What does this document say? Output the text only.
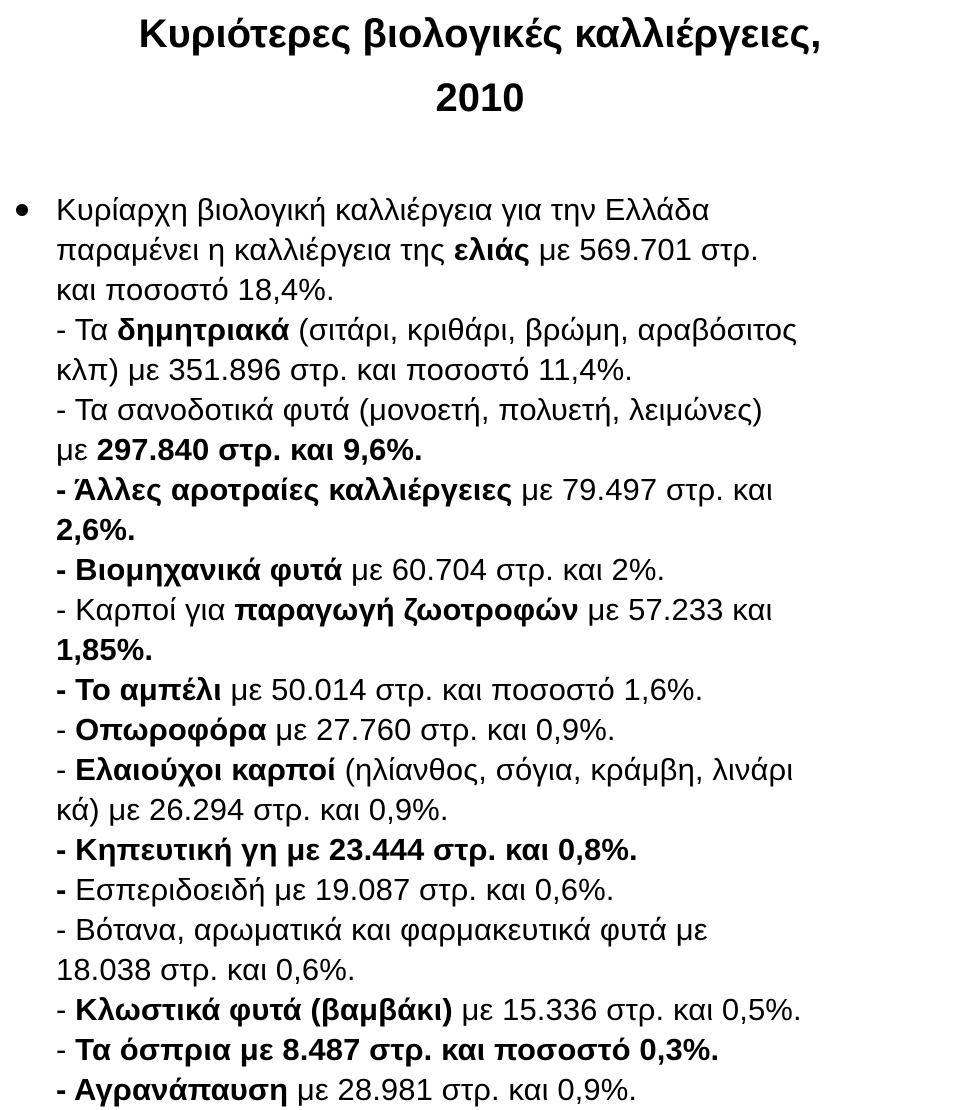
Κυριότερες βιολογικές καλλιέργειες,
2010
Κυρίαρχη βιολογική καλλιέργεια για την Ελλάδα
παραμένει η καλλιέργεια της ελιάς με 569.701 στρ.
και ποσοστό 18,4%.
- Τα δημητριακά (σιτάρι, κριθάρι, βρώμη, αραβόσιτος
κλπ) με 351.896 στρ. και ποσοστό 11,4%.
- Τα σανοδοτικά φυτά (μονοετή, πολυετή, λειμώνες)
με 297.840 στρ. και 9,6%.
- Άλλες αροτραίες καλλιέργειες με 79.497 στρ. και
2,6%.
- Βιομηχανικά φυτά με 60.704 στρ. και 2%.
- Καρποί για παραγωγή ζωοτροφών με 57.233 και
1,85%.
- Το αμπέλι με 50.014 στρ. και ποσοστό 1,6%.
- Οπωροφόρα με 27.760 στρ. και 0,9%.
- Ελαιούχοι καρποί (ηλίανθος, σόγια, κράμβη, λινάρι
κά) με 26.294 στρ. και 0,9%.
- Κηπευτική γη με 23.444 στρ. και 0,8%.
- Εσπεριδοειδή με 19.087 στρ. και 0,6%.
- Βότανα, αρωματικά και φαρμακευτικά φυτά με
18.038 στρ. και 0,6%.
- Κλωστικά φυτά (βαμβάκι) με 15.336 στρ. και 0,5%.
- Τα όσπρια με 8.487 στρ. και ποσοστό 0,3%.
- Αγρανάπαυση με 28.981 στρ. και 0,9%.
